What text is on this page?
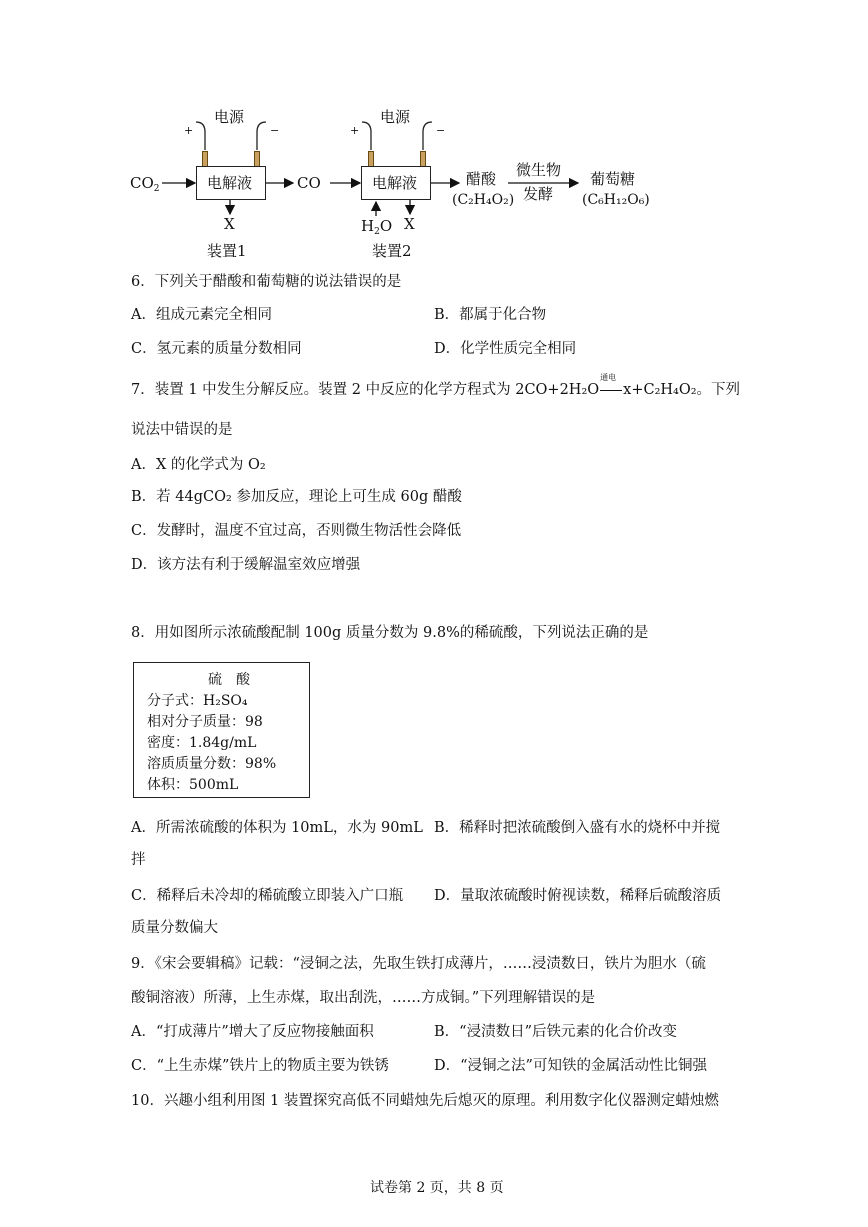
电源
+	−
电源
+	−
电解液	电解液
$CO_2$	CO
X	X
$H_2O$
装置1	装置2
醋酸
(C₂H₄O₂)
微生物
发酵
葡萄糖
(C₆H₁₂O₆)
6．下列关于醋酸和葡萄糖的说法错误的是
A．组成元素完全相同	B．都属于化合物
C．氢元素的质量分数相同	D．化学性质完全相同
7．装置 1 中发生分解反应。装置 2 中反应的化学方程式为 2CO+2H₂O
通电
x+C₂H₄O₂。下列
说法中错误的是
A．X 的化学式为 O₂
B．若 44gCO₂ 参加反应，理论上可生成 60g 醋酸
C．发酵时，温度不宜过高，否则微生物活性会降低
D．该方法有利于缓解温室效应增强
8．用如图所示浓硫酸配制 100g 质量分数为 9.8%的稀硫酸，下列说法正确的是
硫　酸
分子式：H₂SO₄
相对分子质量：98
密度：1.84g/mL
溶质质量分数：98%
体积：500mL
A．所需浓硫酸的体积为 10mL，水为 90mL B．稀释时把浓硫酸倒入盛有水的烧杯中并搅
拌
C．稀释后未冷却的稀硫酸立即装入广口瓶 D．量取浓硫酸时俯视读数，稀释后硫酸溶质
质量分数偏大
9．《宋会要辑稿》记载：“浸铜之法，先取生铁打成薄片，……浸渍数日，铁片为胆水（硫
酸铜溶液）所薄，上生赤煤，取出刮洗，……方成铜。”下列理解错误的是
A．“打成薄片”增大了反应物接触面积	B．“浸渍数日”后铁元素的化合价改变
C．“上生赤煤”铁片上的物质主要为铁锈	D．“浸铜之法”可知铁的金属活动性比铜强
10．兴趣小组利用图 1 装置探究高低不同蜡烛先后熄灭的原理。利用数字化仪器测定蜡烛燃
试卷第 2 页，共 8 页
